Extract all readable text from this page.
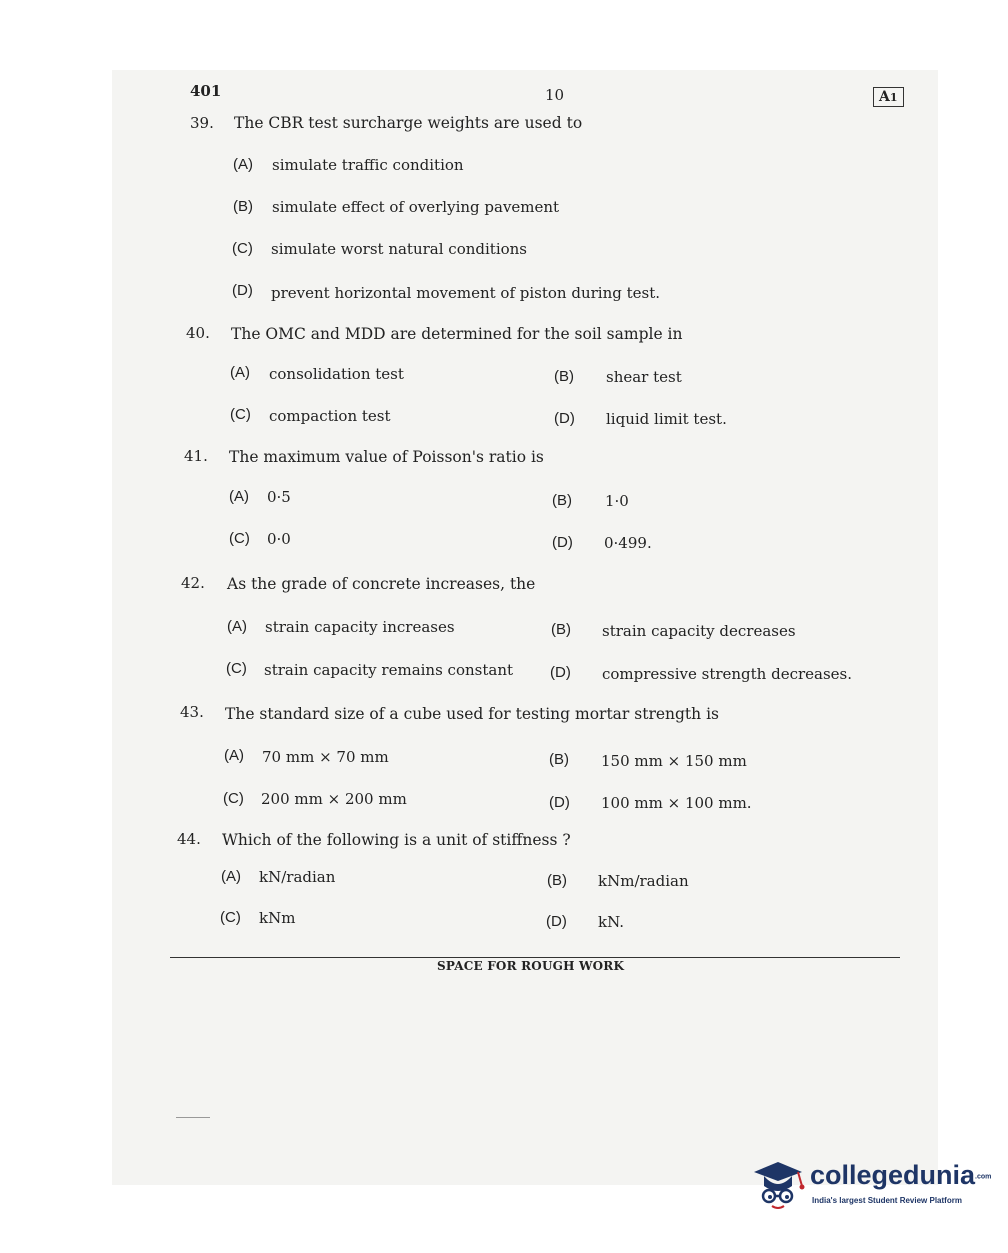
⠀
401	10	A1
39. The CBR test surcharge weights are used to
(A) simulate traffic condition
(B) simulate effect of overlying pavement
(C) simulate worst natural conditions
(D) prevent horizontal movement of piston during test.
40. The OMC and MDD are determined for the soil sample in
(A) consolidation test	(B) shear test
(C) compaction test	(D) liquid limit test.
41. The maximum value of Poisson's ratio is
(A) 0·5	(B) 1·0
(C) 0·0	(D) 0·499.
42. As the grade of concrete increases, the
(A) strain capacity increases	(B) strain capacity decreases
(C) strain capacity remains constant (D) compressive strength decreases.
43. The standard size of a cube used for testing mortar strength is
(A) 70 mm × 70 mm	(B) 150 mm × 150 mm
(C) 200 mm × 200 mm	(D) 100 mm × 100 mm.
44. Which of the following is a unit of stiffness ?
(A) kN/radian	(B) kNm/radian
(C) kNm	(D) kN.
SPACE FOR ROUGH WORK
collegedunia.com
India's largest Student Review Platform
